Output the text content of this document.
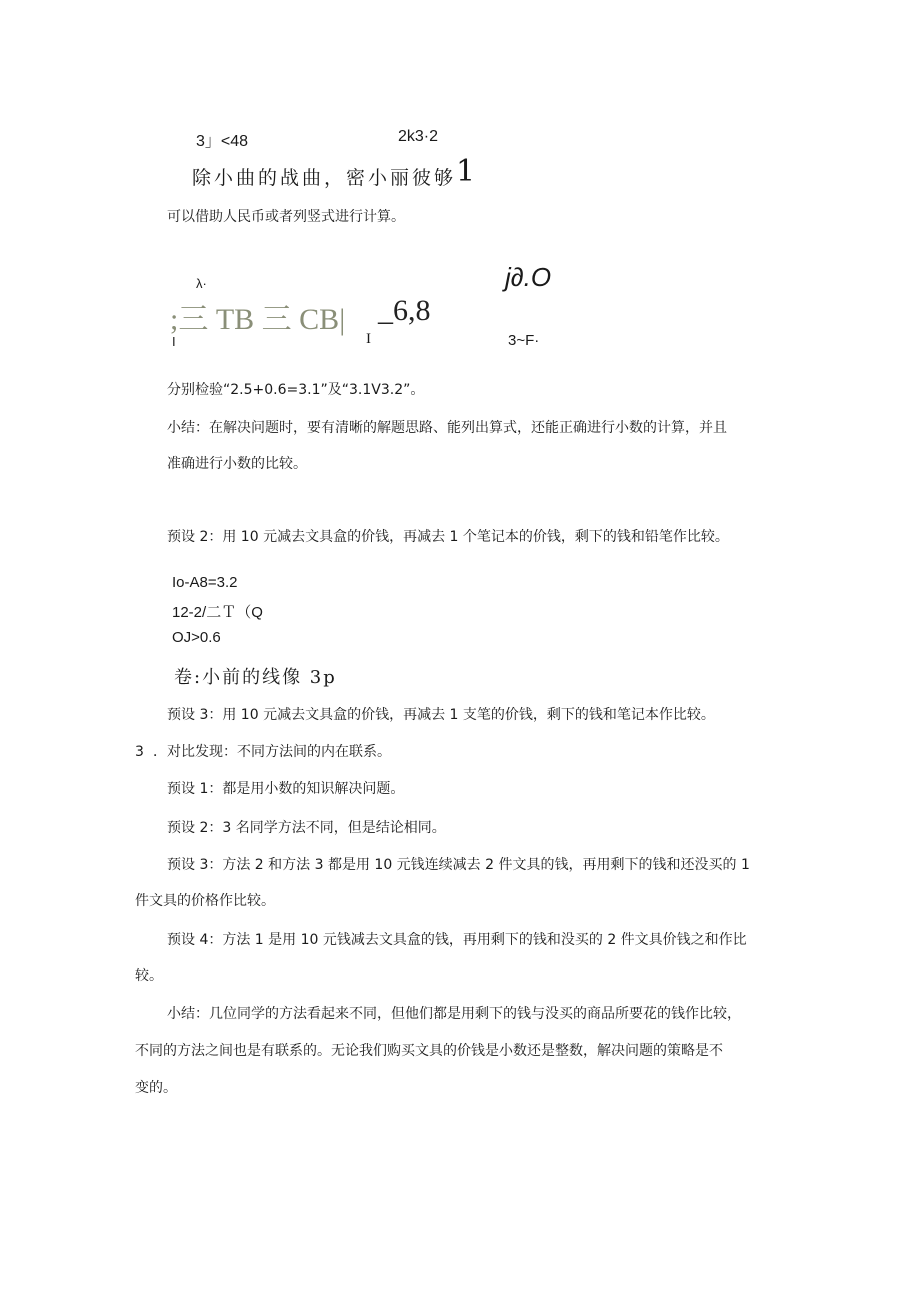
3」<48	2k3·2
除小曲的战曲，密小丽彼够 1
可以借助人民币或者列竖式进行计算。
λ·
;三 TB 三 CB| _6,8
j∂.O
I	I	3~F·
分别检验“2.5+0.6=3.1”及“3.1V3.2”。
小结：在解决问题时，要有清晰的解题思路、能列出算式，还能正确进行小数的计算，并且
准确进行小数的比较。
预设 2：用 10 元减去文具盒的价钱，再减去 1 个笔记本的价钱，剩下的钱和铅笔作比较。
Io-A8=3.2
12-2/二Ｔ（Q
OJ>0.6
卷:小前的线像 3p
预设 3：用 10 元减去文具盒的价钱，再减去 1 支笔的价钱，剩下的钱和笔记本作比较。
3 ．对比发现：不同方法间的内在联系。
预设 1：都是用小数的知识解决问题。
预设 2：3 名同学方法不同，但是结论相同。
预设 3：方法 2 和方法 3 都是用 10 元钱连续减去 2 件文具的钱，再用剩下的钱和还没买的 1
件文具的价格作比较。
预设 4：方法 1 是用 10 元钱减去文具盒的钱，再用剩下的钱和没买的 2 件文具价钱之和作比
较。
小结：几位同学的方法看起来不同，但他们都是用剩下的钱与没买的商品所要花的钱作比较，
不同的方法之间也是有联系的。无论我们购买文具的价钱是小数还是整数，解决问题的策略是不
变的。
